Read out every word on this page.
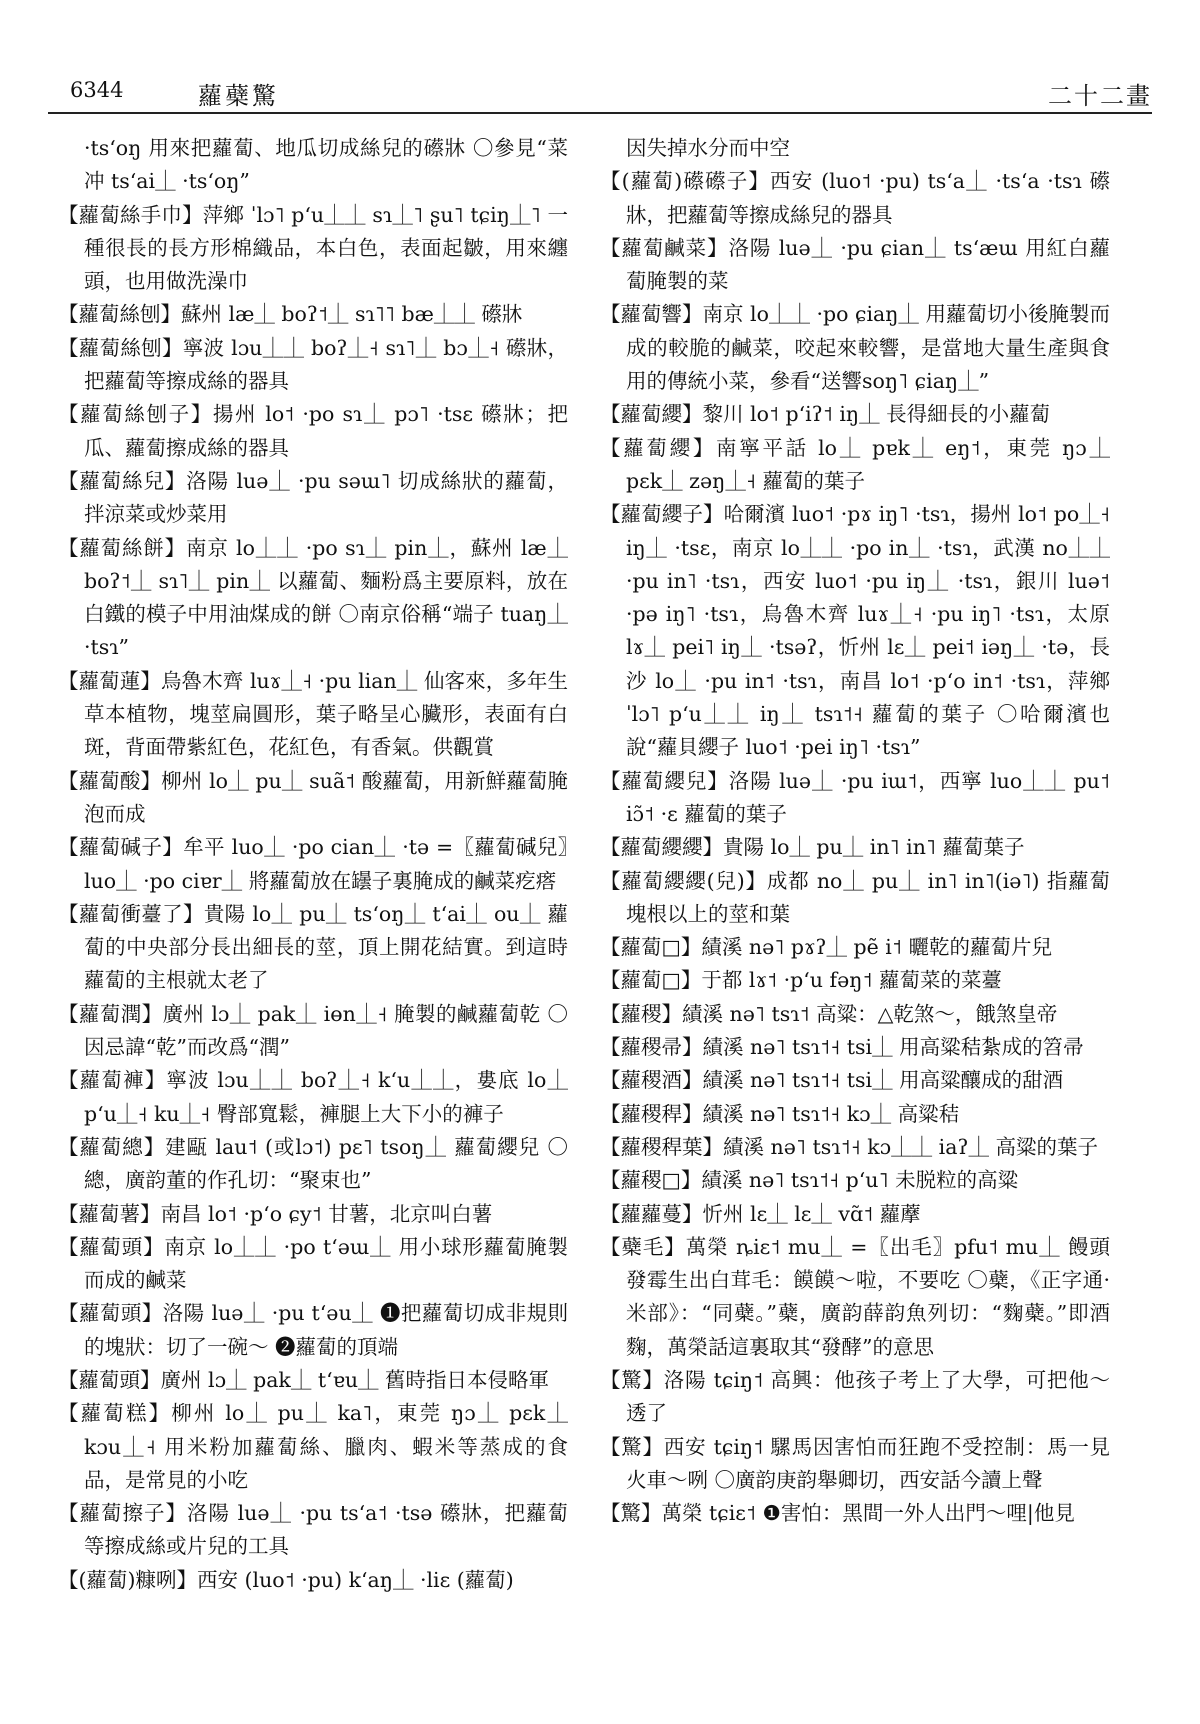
6344	蘿蘗驚	二十二畫

·tsʻoŋ 用來把蘿蔔、地瓜切成絲兒的礤牀 〇參見“菜冲 tsʻai⏊ ·tsʻoŋ”

【蘿蔔絲手巾】萍鄉 ˈlɔ˥ pʻu⏊⏊ sɿ⏊˥ ʂu˥ tɕiŋ⏊˥ 一種很長的長方形棉織品，本白色，表面起皺，用來纏頭，也用做洗澡巾

【蘿蔔絲刨】蘇州 læ⏊ boʔ˦⏊ sɿ˥˥ bæ⏊⏊ 礤牀

【蘿蔔絲刨】寧波 lɔu⏊⏊ boʔ⏊˧ sɿ˥⏊ bɔ⏊˧ 礤牀，把蘿蔔等擦成絲的器具

【蘿蔔絲刨子】揚州 lo˦ ·po sɿ⏊ pɔ˥ ·tsɛ 礤牀；把瓜、蘿蔔擦成絲的器具

【蘿蔔絲兒】洛陽 luə⏊ ·pu səɯ˥ 切成絲狀的蘿蔔，拌涼菜或炒菜用

【蘿蔔絲餅】南京 lo⏊⏊ ·po sɿ⏊ pin⏊，蘇州 læ⏊ boʔ˦⏊ sɿ˥⏊ pin⏊ 以蘿蔔、麵粉爲主要原料，放在白鐵的模子中用油煤成的餅 〇南京俗稱“端子 tuaŋ⏊ ·tsɿ”

【蘿蔔蓮】烏魯木齊 luɤ⏊˧ ·pu lian⏊ 仙客來，多年生草本植物，塊莖扁圓形，葉子略呈心臟形，表面有白斑，背面帶紫紅色，花紅色，有香氣。供觀賞

【蘿蔔酸】柳州 lo⏊ pu⏊ suã˦ 酸蘿蔔，用新鮮蘿蔔腌泡而成

【蘿蔔碱子】牟平 luo⏊ ·po cian⏊ ·tə =〖蘿蔔碱兒〗luo⏊ ·po ciɐr⏊ 將蘿蔔放在罎子裏腌成的鹹菜疙瘩

【蘿蔔衝薹了】貴陽 lo⏊ pu⏊ tsʻoŋ⏊ tʻai⏊ ou⏊ 蘿蔔的中央部分長出細長的莖，頂上開花結實。到這時蘿蔔的主根就太老了

【蘿蔔潤】廣州 lɔ⏊ pak⏊ iɵn⏊˧ 腌製的鹹蘿蔔乾 〇因忌諱“乾”而改爲“潤”

【蘿蔔褲】寧波 lɔu⏊⏊ boʔ⏊˧ kʻu⏊⏊，婁底 lo⏊ pʻu⏊˧ ku⏊˧ 臀部寬鬆，褲腿上大下小的褲子

【蘿蔔總】建甌 lau˦ (或lɔ˦) pɛ˥ tsoŋ⏊ 蘿蔔纓兒 〇總，廣韵董的作孔切：“聚束也”

【蘿蔔薯】南昌 lo˦ ·pʻo ɕy˦ 甘薯，北京叫白薯

【蘿蔔頭】南京 lo⏊⏊ ·po tʻəɯ⏊ 用小球形蘿蔔腌製而成的鹹菜

【蘿蔔頭】洛陽 luə⏊ ·pu tʻəu⏊ ❶把蘿蔔切成非規則的塊狀：切了一碗～ ❷蘿蔔的頂端

【蘿蔔頭】廣州 lɔ⏊ pak⏊ tʻɐu⏊ 舊時指日本侵略軍

【蘿蔔糕】柳州 lo⏊ pu⏊ ka˥，東莞 ŋɔ⏊ pɛk⏊ kɔu⏊˧ 用米粉加蘿蔔絲、臘肉、蝦米等蒸成的食品，是常見的小吃

【蘿蔔擦子】洛陽 luə⏊ ·pu tsʻa˦ ·tsə 礤牀，把蘿蔔等擦成絲或片兒的工具

【(蘿蔔)糠咧】西安 (luo˦ ·pu) kʻaŋ⏊ ·liɛ (蘿蔔)

因失掉水分而中空

【(蘿蔔)礤礤子】西安 (luo˦ ·pu) tsʻa⏊ ·tsʻa ·tsɿ 礤牀，把蘿蔔等擦成絲兒的器具

【蘿蔔鹹菜】洛陽 luə⏊ ·pu ɕian⏊ tsʻæɯ 用紅白蘿蔔腌製的菜

【蘿蔔響】南京 lo⏊⏊ ·po ɕiaŋ⏊ 用蘿蔔切小後腌製而成的較脆的鹹菜，咬起來較響，是當地大量生產與食用的傳統小菜，參看“送響soŋ˥ ɕiaŋ⏊”

【蘿蔔纓】黎川 lo˦ pʻiʔ˦ iŋ⏊ 長得細長的小蘿蔔

【蘿蔔纓】南寧平話 lo⏊ pɐk⏊ eŋ˦，東莞 ŋɔ⏊ pɛk⏊ zəŋ⏊˧ 蘿蔔的葉子

【蘿蔔纓子】哈爾濱 luo˦ ·pɤ iŋ˥ ·tsɿ，揚州 lo˦ po⏊˧ iŋ⏊ ·tsɛ，南京 lo⏊⏊ ·po in⏊ ·tsɿ，武漢 no⏊⏊ ·pu in˥ ·tsɿ，西安 luo˦ ·pu iŋ⏊ ·tsɿ，銀川 luə˦ ·pə iŋ˥ ·tsɿ，烏魯木齊 luɤ⏊˧ ·pu iŋ˥ ·tsɿ，太原 lɤ⏊ pei˥ iŋ⏊ ·tsəʔ，忻州 lɛ⏊ pei˦ iəŋ⏊ ·tə，長沙 lo⏊ ·pu in˦ ·tsɿ，南昌 lo˦ ·pʻo in˦ ·tsɿ，萍鄉 ˈlɔ˥ pʻu⏊⏊ iŋ⏊ tsɿ˦˧ 蘿蔔的葉子 〇哈爾濱也說“蘿貝纓子 luo˦ ·pei iŋ˥ ·tsɿ”

【蘿蔔纓兒】洛陽 luə⏊ ·pu iɯ˦，西寧 luo⏊⏊ pu˦ iɔ̃˦ ·ɛ 蘿蔔的葉子

【蘿蔔纓纓】貴陽 lo⏊ pu⏊ in˥ in˥ 蘿蔔葉子

【蘿蔔纓纓(兒)】成都 no⏊ pu⏊ in˥ in˥(iə˥) 指蘿蔔塊根以上的莖和葉

【蘿蔔□】績溪 nə˥ pɤʔ⏊ pẽ i˦ 曬乾的蘿蔔片兒

【蘿蔔□】于都 lɤ˦ ·pʻu fəŋ˦ 蘿蔔菜的菜薹

【蘿稷】績溪 nə˥ tsɿ˦ 高粱：△乾煞～，餓煞皇帝

【蘿稷帚】績溪 nə˥ tsɿ˦˧ tsi⏊ 用高粱秸紮成的笤帚

【蘿稷酒】績溪 nə˥ tsɿ˦˧ tsi⏊ 用高粱釀成的甜酒

【蘿稷稈】績溪 nə˥ tsɿ˦˧ kɔ⏊ 高粱秸

【蘿稷稈葉】績溪 nə˥ tsɿ˦˧ kɔ⏊⏊ iaʔ⏊ 高粱的葉子

【蘿稷□】績溪 nə˥ tsɿ˦˧ pʻu˥ 未脱粒的高粱

【蘿蘿蔓】忻州 lɛ⏊ lɛ⏊ vɑ̃˦ 蘿藦

【蘗毛】萬榮 ȵiɛ˦ mu⏊ =〖出毛〗pfu˦ mu⏊ 饅頭發霉生出白茸毛：饃饃～啦，不要吃 〇蘗，《正字通·米部》：“同蘗。”蘗，廣韵薛韵魚列切：“麴蘗。”即酒麴，萬榮話這裏取其“發酵”的意思

【驚】洛陽 tɕiŋ˦ 高興：他孩子考上了大學，可把他～透了

【驚】西安 tɕiŋ˦ 騾馬因害怕而狂跑不受控制：馬一見火車～咧 〇廣韵庚韵舉卿切，西安話今讀上聲

【驚】萬榮 tɕiɛ˦ ❶害怕：黑間一外人出門～哩|他見
